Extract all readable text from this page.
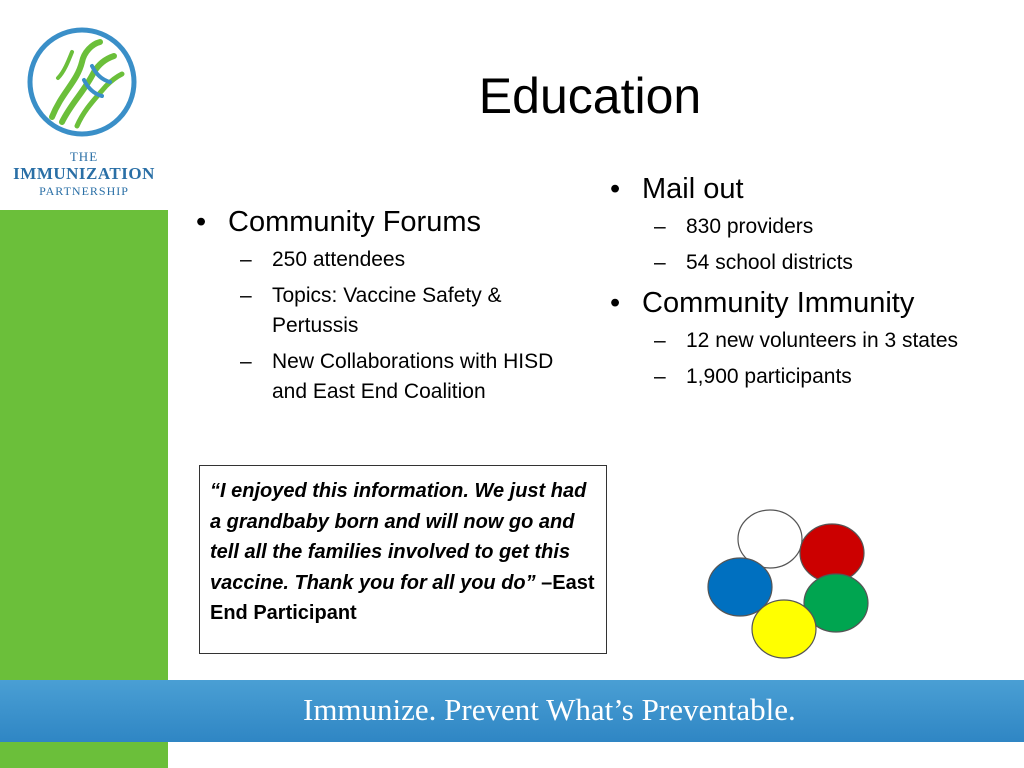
THE
IMMUNIZATION
PARTNERSHIP
Education
• Community Forums
– 250 attendees
– Topics: Vaccine Safety & Pertussis
– New Collaborations with HISD and East End Coalition
• Mail out
– 830 providers
– 54 school districts
• Community Immunity
– 12 new volunteers in 3 states
– 1,900 participants
“I enjoyed this information. We just had a grandbaby born and will now go and tell all the families involved to get this vaccine. Thank you for all you do” –East End Participant
Immunize. Prevent What’s Preventable.
